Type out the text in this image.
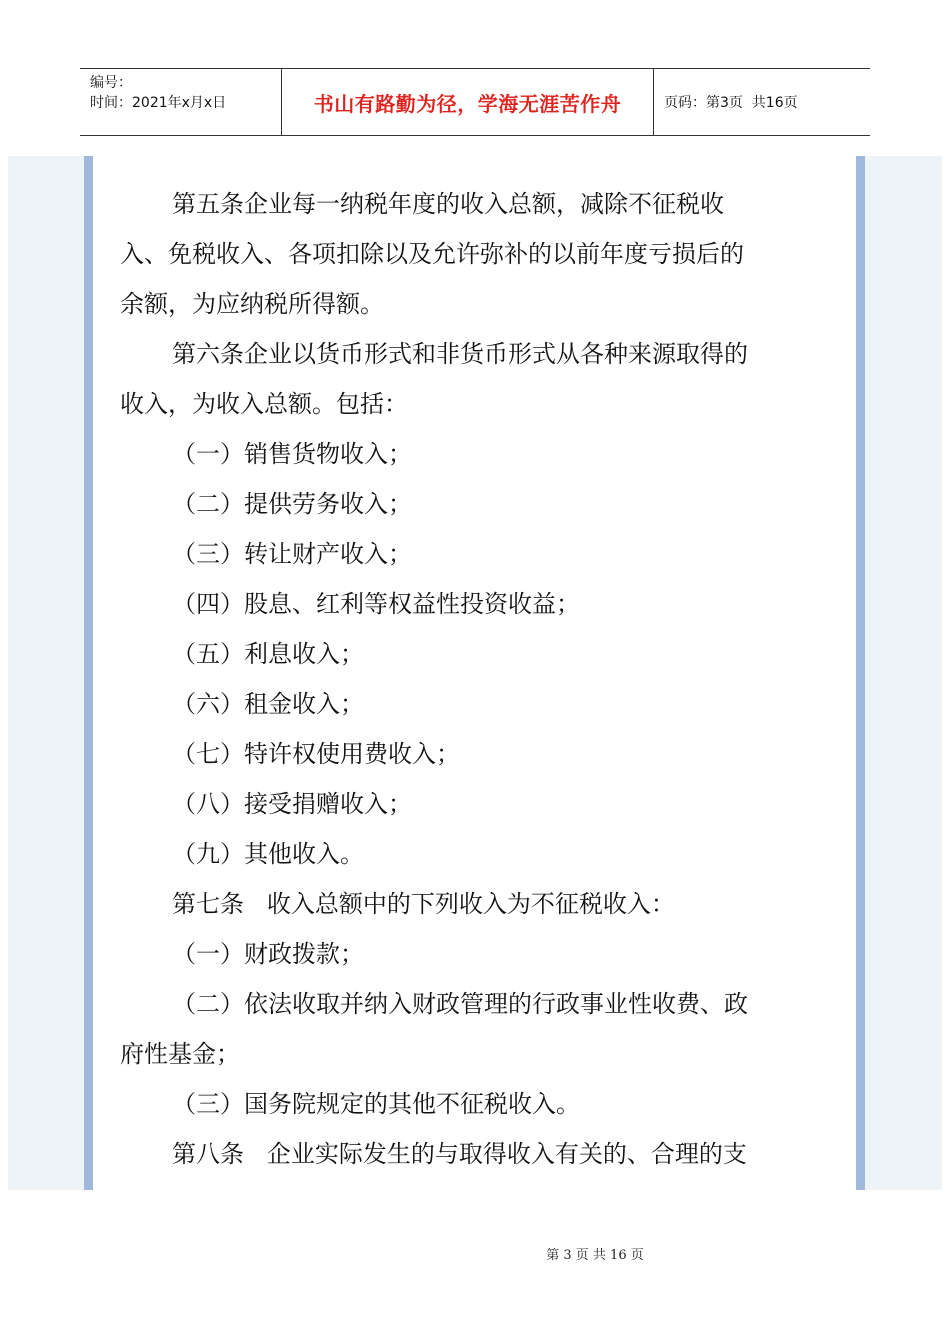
编号：
时间：2021年x月x日	书山有路勤为径，学海无涯苦作舟	页码：第3页  共16页
第五条企业每一纳税年度的收入总额，减除不征税收
入、免税收入、各项扣除以及允许弥补的以前年度亏损后的
余额，为应纳税所得额。
第六条企业以货币形式和非货币形式从各种来源取得的
收入，为收入总额。包括：
（一）销售货物收入；
（二）提供劳务收入；
（三）转让财产收入；
（四）股息、红利等权益性投资收益；
（五）利息收入；
（六）租金收入；
（七）特许权使用费收入；
（八）接受捐赠收入；
（九）其他收入。
第七条   收入总额中的下列收入为不征税收入：
（一）财政拨款；
（二）依法收取并纳入财政管理的行政事业性收费、政
府性基金；
（三）国务院规定的其他不征税收入。
第八条   企业实际发生的与取得收入有关的、合理的支
第 3 页 共 16 页
